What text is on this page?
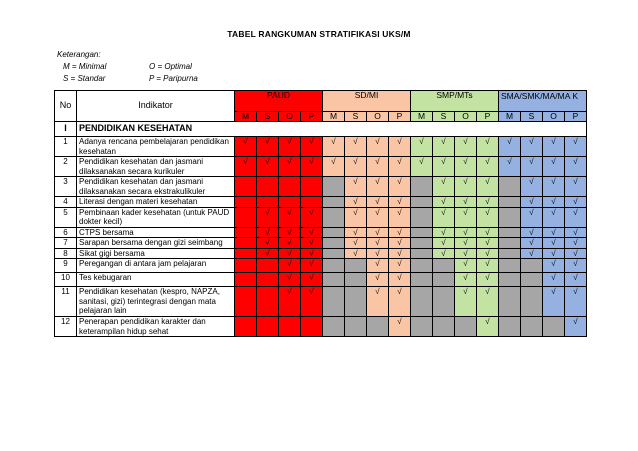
TABEL RANGKUMAN STRATIFIKASI UKS/M
Keterangan:
M = Minimal
S = Standar
O = Optimal
P = Paripurna
No	Indikator	PAUD				SD/MI				SMP/MTs				SMA/SMK/MA/MA K			
		M	S	O	P	M	S	O	P	M	S	O	P	M	S	O	P
I	PENDIDIKAN KESEHATAN																
1	Adanya rencana pembelajaran pendidikan kesehatan	√	√	√	√	√	√	√	√	√	√	√	√	√	√	√	√
2	Pendidikan kesehatan dan jasmani dilaksanakan secara kurikuler	√	√	√	√	√	√	√	√	√	√	√	√	√	√	√	√
3	Pendidikan kesehatan dan jasmani dilaksanakan secara ekstrakulikuler						√	√	√		√	√	√		√	√	√
4	Literasi dengan materi kesehatan						√	√	√		√	√	√		√	√	√
5	Pembinaan kader kesehatan (untuk PAUD dokter kecil)		√	√	√		√	√	√		√	√	√		√	√	√
6	CTPS bersama		√	√	√		√	√	√		√	√	√		√	√	√
7	Sarapan bersama dengan gizi seimbang		√	√	√		√	√	√		√	√	√		√	√	√
8	Sikat gigi bersama		√	√	√		√	√	√		√	√	√		√	√	√
9	Peregangan di antara jam pelajaran			√	√			√	√			√	√			√	√
10	Tes kebugaran			√	√			√	√			√	√			√	√
11	Pendidikan kesehatan (kespro, NAPZA, sanitasi, gizi) terintegrasi dengan mata pelajaran lain			√	√			√	√			√	√			√	√
12	Penerapan pendidikan karakter dan keterampilan hidup sehat								√				√				√
